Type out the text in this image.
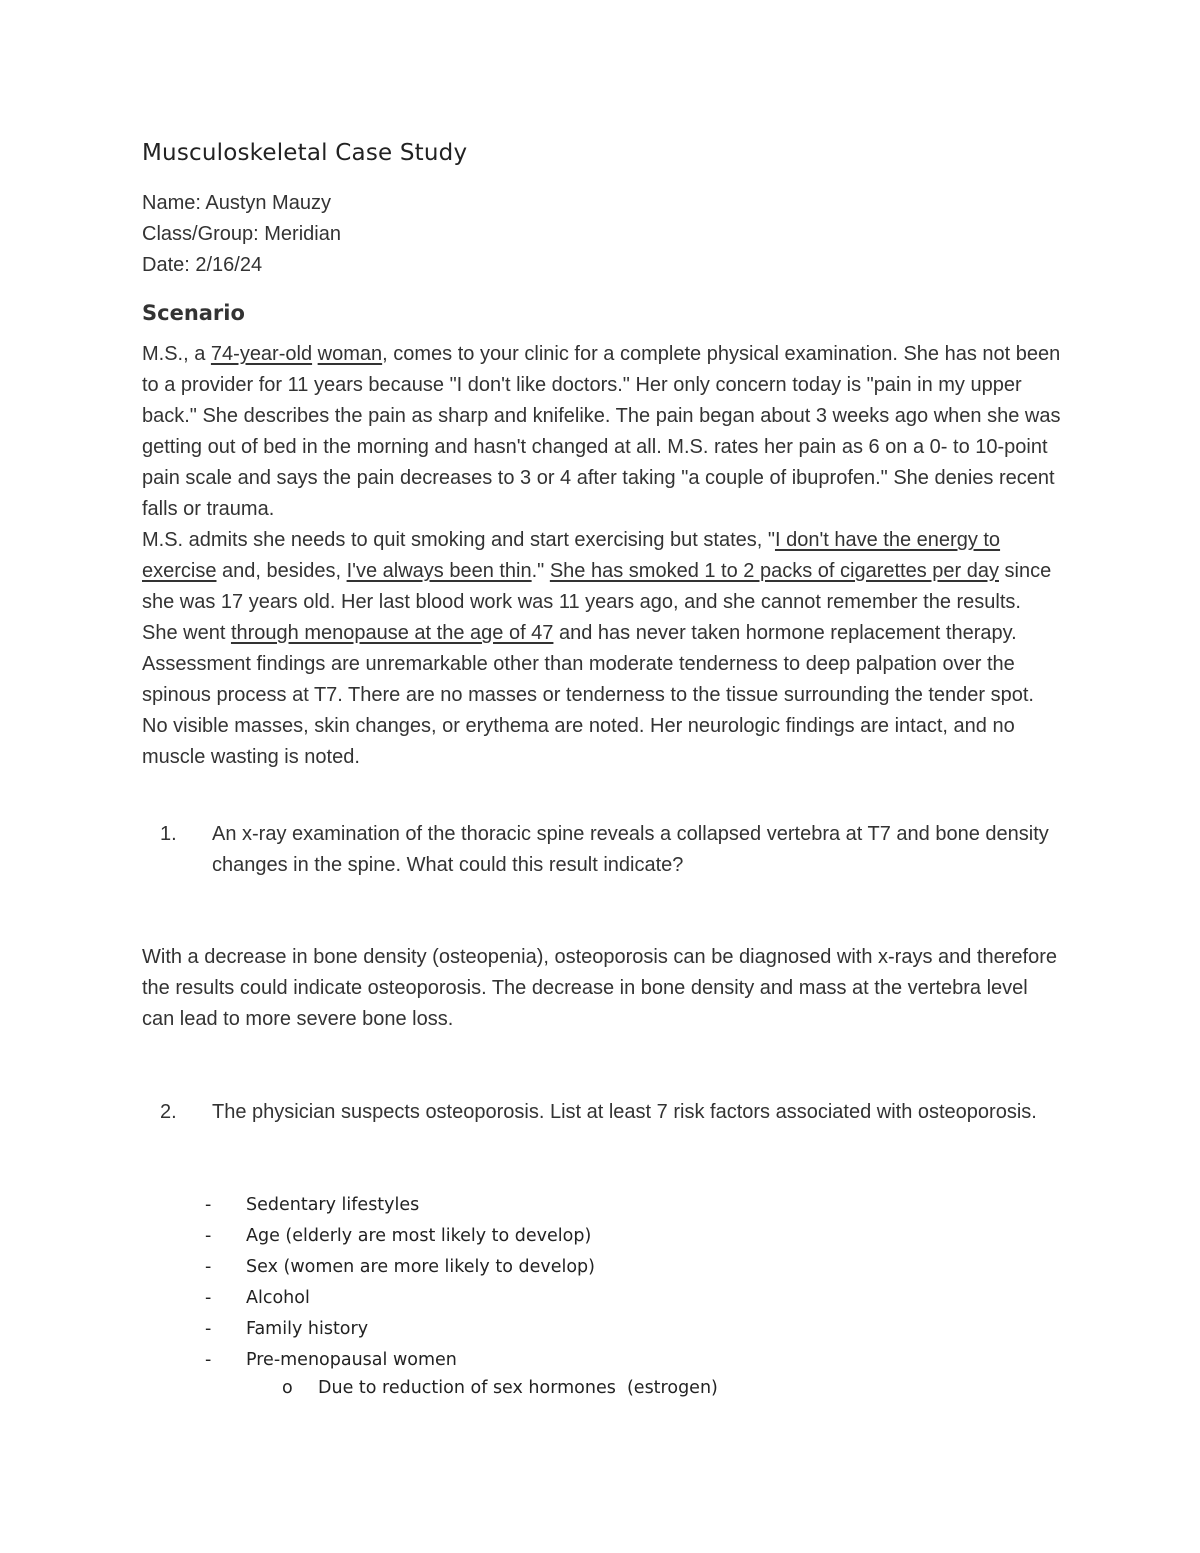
Musculoskeletal Case Study
Name: Austyn Mauzy
Class/Group: Meridian
Date: 2/16/24
Scenario

M.S., a 74-year-old woman, comes to your clinic for a complete physical examination. She has not been to a provider for 11 years because "I don't like doctors." Her only concern today is "pain in my upper back." She describes the pain as sharp and knifelike. The pain began about 3 weeks ago when she was getting out of bed in the morning and hasn't changed at all. M.S. rates her pain as 6 on a 0- to 10-point pain scale and says the pain decreases to 3 or 4 after taking "a couple of ibuprofen." She denies recent falls or trauma.

M.S. admits she needs to quit smoking and start exercising but states, "I don't have the energy to exercise and, besides, I've always been thin." She has smoked 1 to 2 packs of cigarettes per day since she was 17 years old. Her last blood work was 11 years ago, and she cannot remember the results. She went through menopause at the age of 47 and has never taken hormone replacement therapy. Assessment findings are unremarkable other than moderate tenderness to deep palpation over the spinous process at T7. There are no masses or tenderness to the tissue surrounding the tender spot. No visible masses, skin changes, or erythema are noted. Her neurologic findings are intact, and no muscle wasting is noted.

1.	An x-ray examination of the thoracic spine reveals a collapsed vertebra at T7 and bone density changes in the spine. What could this result indicate?
With a decrease in bone density (osteopenia), osteoporosis can be diagnosed with x-rays and therefore the results could indicate osteoporosis. The decrease in bone density and mass at the vertebra level can lead to more severe bone loss.
2.	The physician suspects osteoporosis. List at least 7 risk factors associated with osteoporosis.
-	Sedentary lifestyles
-	Age (elderly are most likely to develop)
-	Sex (women are more likely to develop)
-	Alcohol
-	Family history
-	Pre-menopausal women
o	Due to reduction of sex hormones  (estrogen)
